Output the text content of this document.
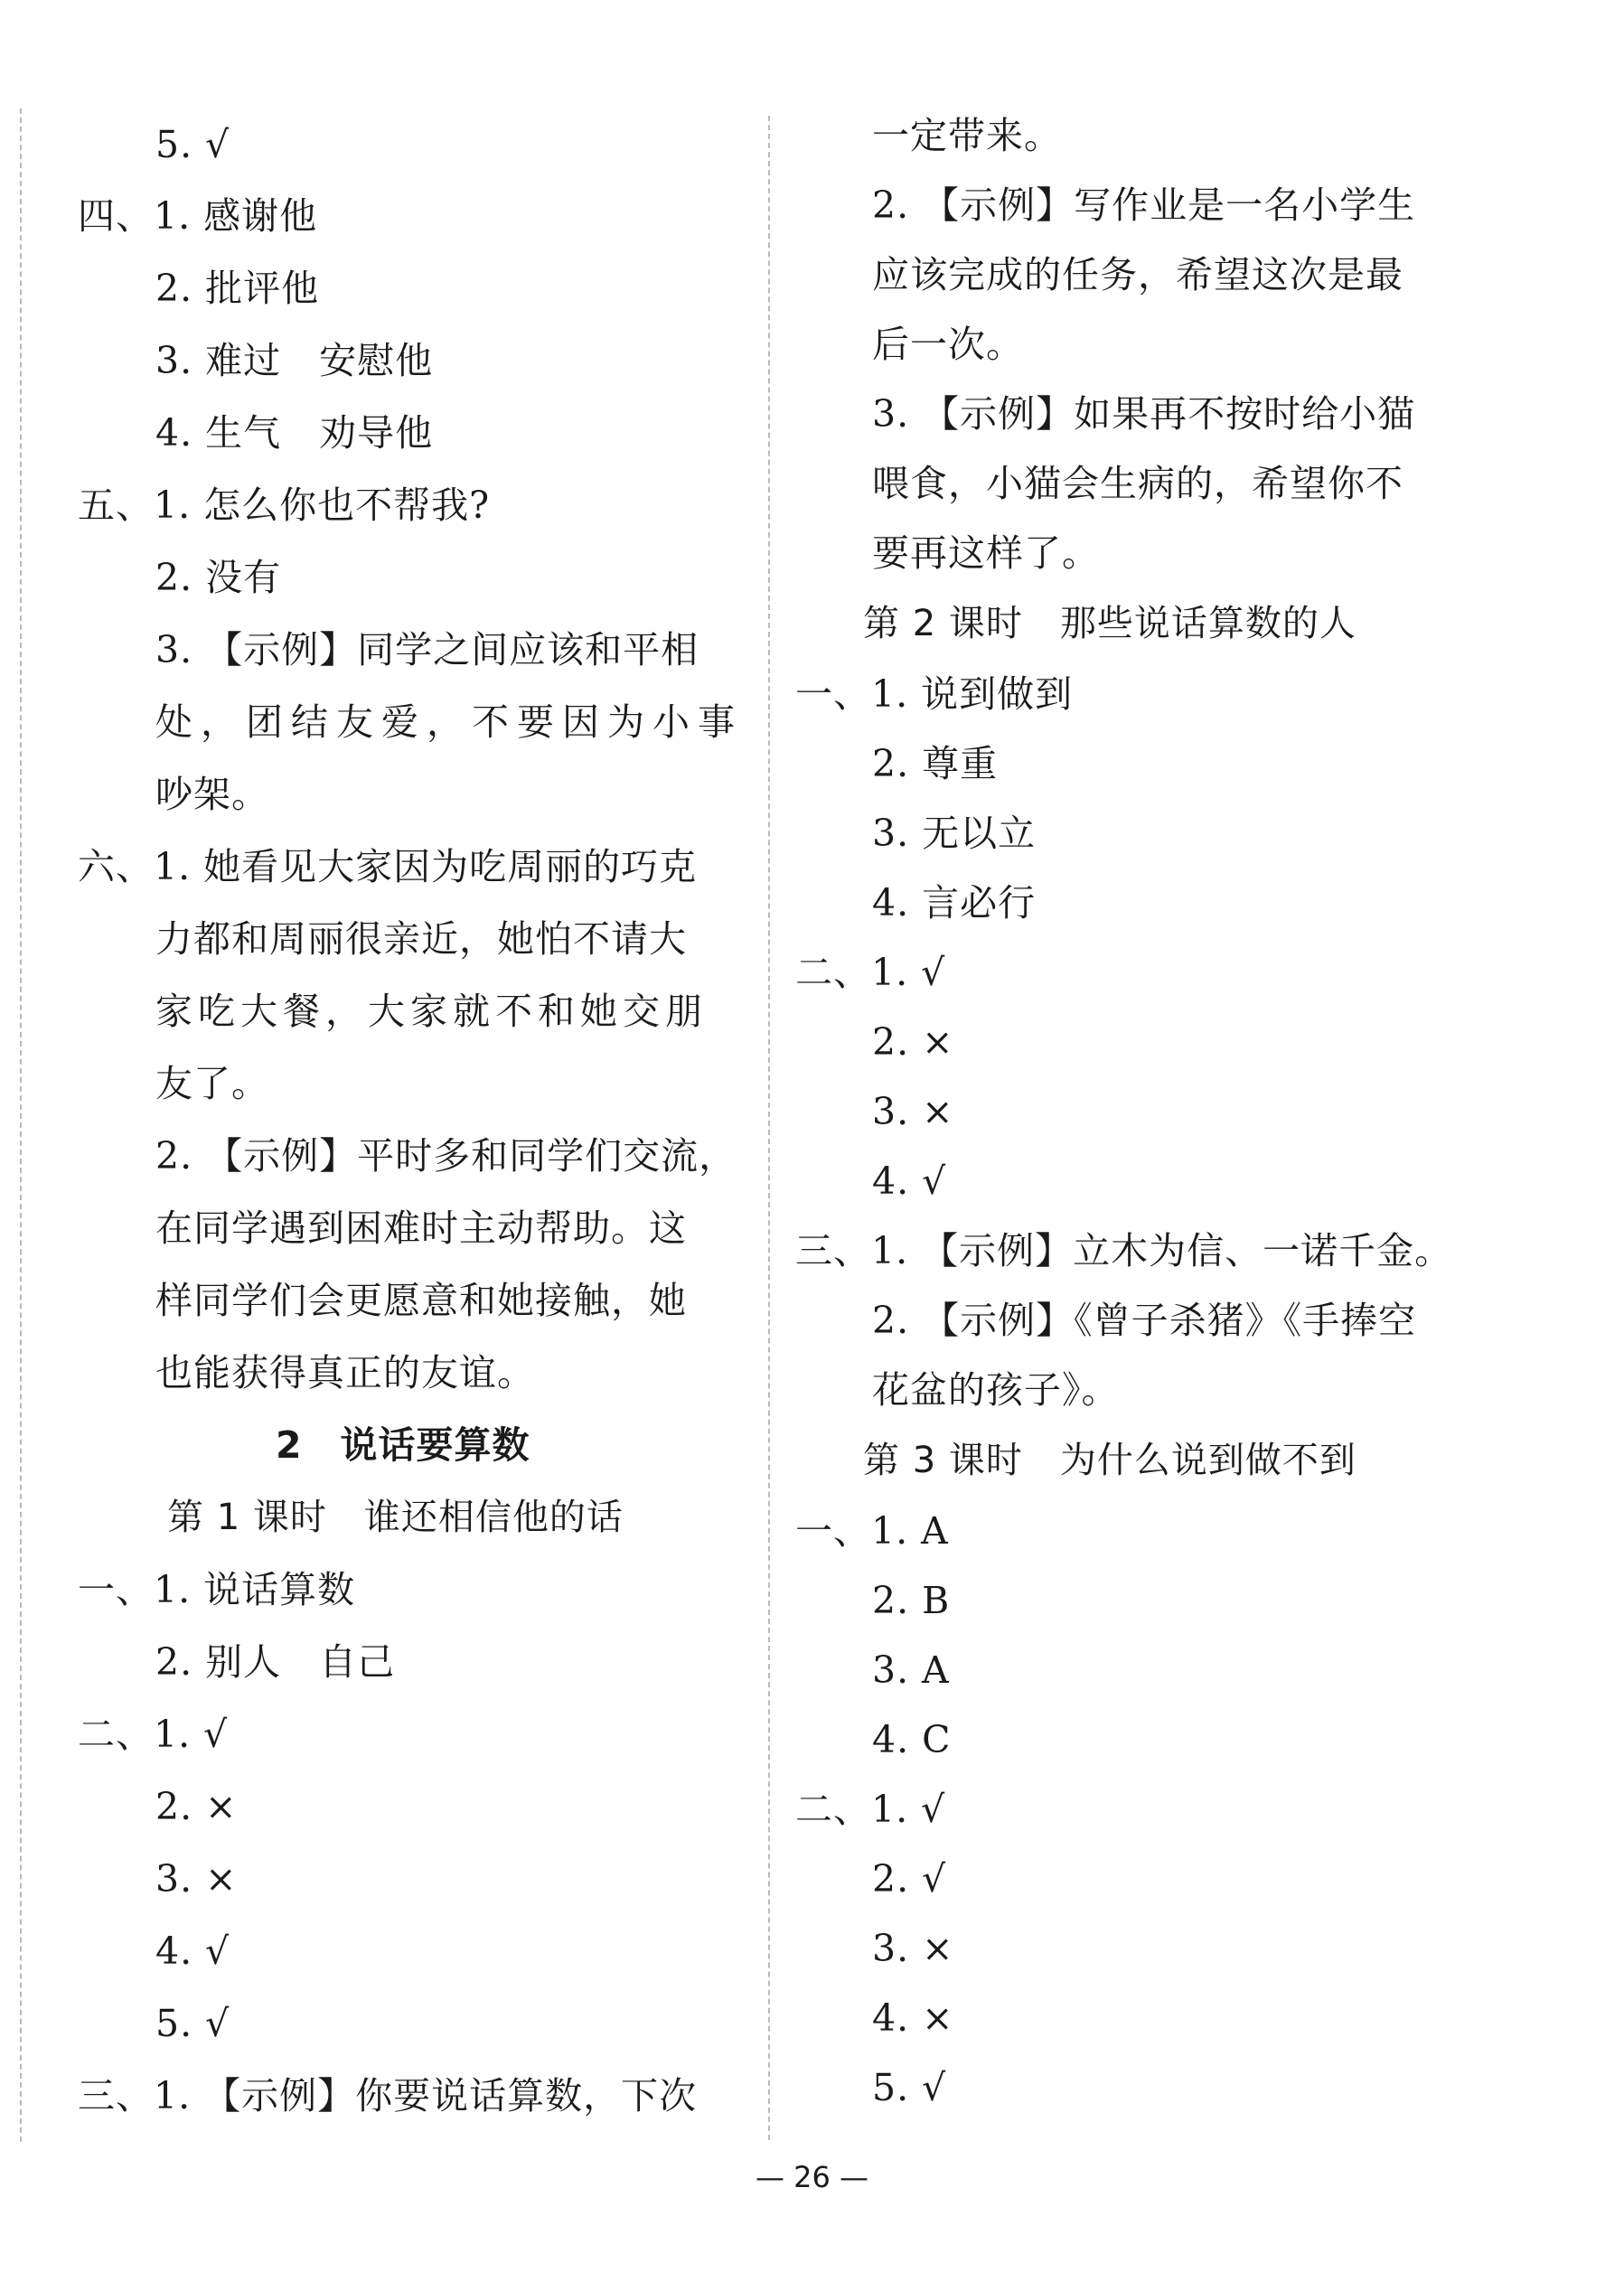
5. √
四、1. 感谢他
2. 批评他
3. 难过　安慰他
4. 生气　劝导他
五、1. 怎么你也不帮我?
2. 没有
3. 【示例】同学之间应该和平相
处，团结友爱，不要因为小事
吵架。
六、1. 她看见大家因为吃周丽的巧克
力都和周丽很亲近，她怕不请大
家吃大餐，大家就不和她交朋
友了。
2. 【示例】平时多和同学们交流，
在同学遇到困难时主动帮助。这
样同学们会更愿意和她接触，她
也能获得真正的友谊。
2　说话要算数
第 1 课时　谁还相信他的话
一、1. 说话算数
2. 别人　自己
二、1. √
2. ×
3. ×
4. √
5. √
三、1. 【示例】你要说话算数，下次
一定带来。
2. 【示例】写作业是一名小学生
应该完成的任务，希望这次是最
后一次。
3. 【示例】如果再不按时给小猫
喂食，小猫会生病的，希望你不
要再这样了。
第 2 课时　那些说话算数的人
一、1. 说到做到
2. 尊重
3. 无以立
4. 言必行
二、1. √
2. ×
3. ×
4. √
三、1. 【示例】立木为信、一诺千金。
2. 【示例】《曾子杀猪》《手捧空
花盆的孩子》。
第 3 课时　为什么说到做不到
一、1. A
2. B
3. A
4. C
二、1. √
2. √
3. ×
4. ×
5. √
— 26 —
